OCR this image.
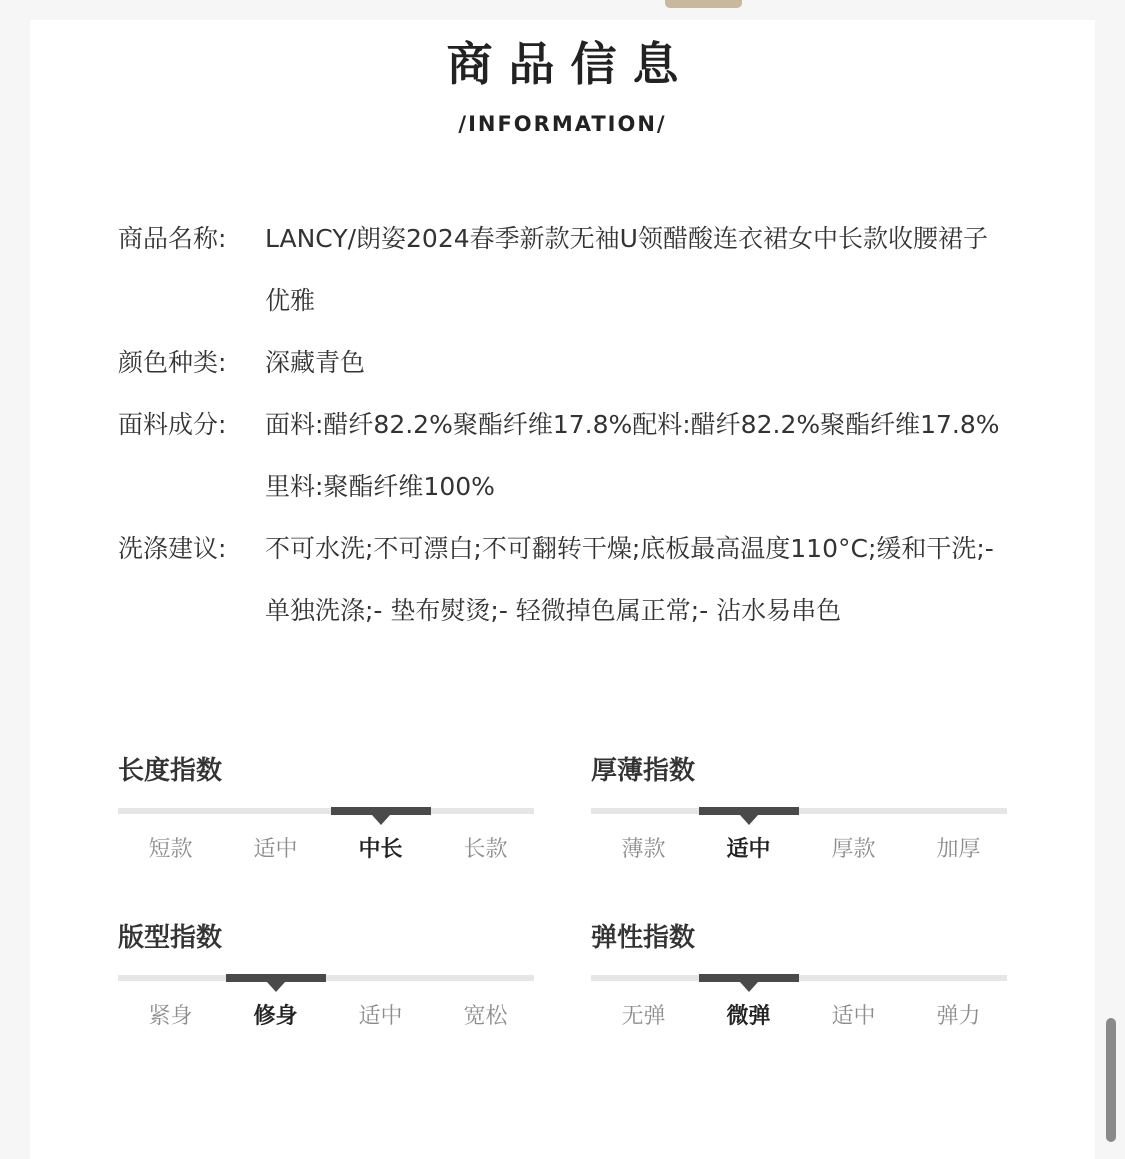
商品信息
/INFORMATION/
商品名称:	LANCY/朗姿2024春季新款无袖U领醋酸连衣裙女中长款收腰裙子优雅
颜色种类:	深藏青色
面料成分:	面料:醋纤82.2%聚酯纤维17.8%配料:醋纤82.2%聚酯纤维17.8%里料:聚酯纤维100%
洗涤建议:	不可水洗;不可漂白;不可翻转干燥;底板最高温度110°C;缓和干洗;- 单独洗涤;- 垫布熨烫;- 轻微掉色属正常;- 沾水易串色
长度指数
短款	适中	中长	长款
厚薄指数
薄款	适中	厚款	加厚
版型指数
紧身	修身	适中	宽松
弹性指数
无弹	微弹	适中	弹力
